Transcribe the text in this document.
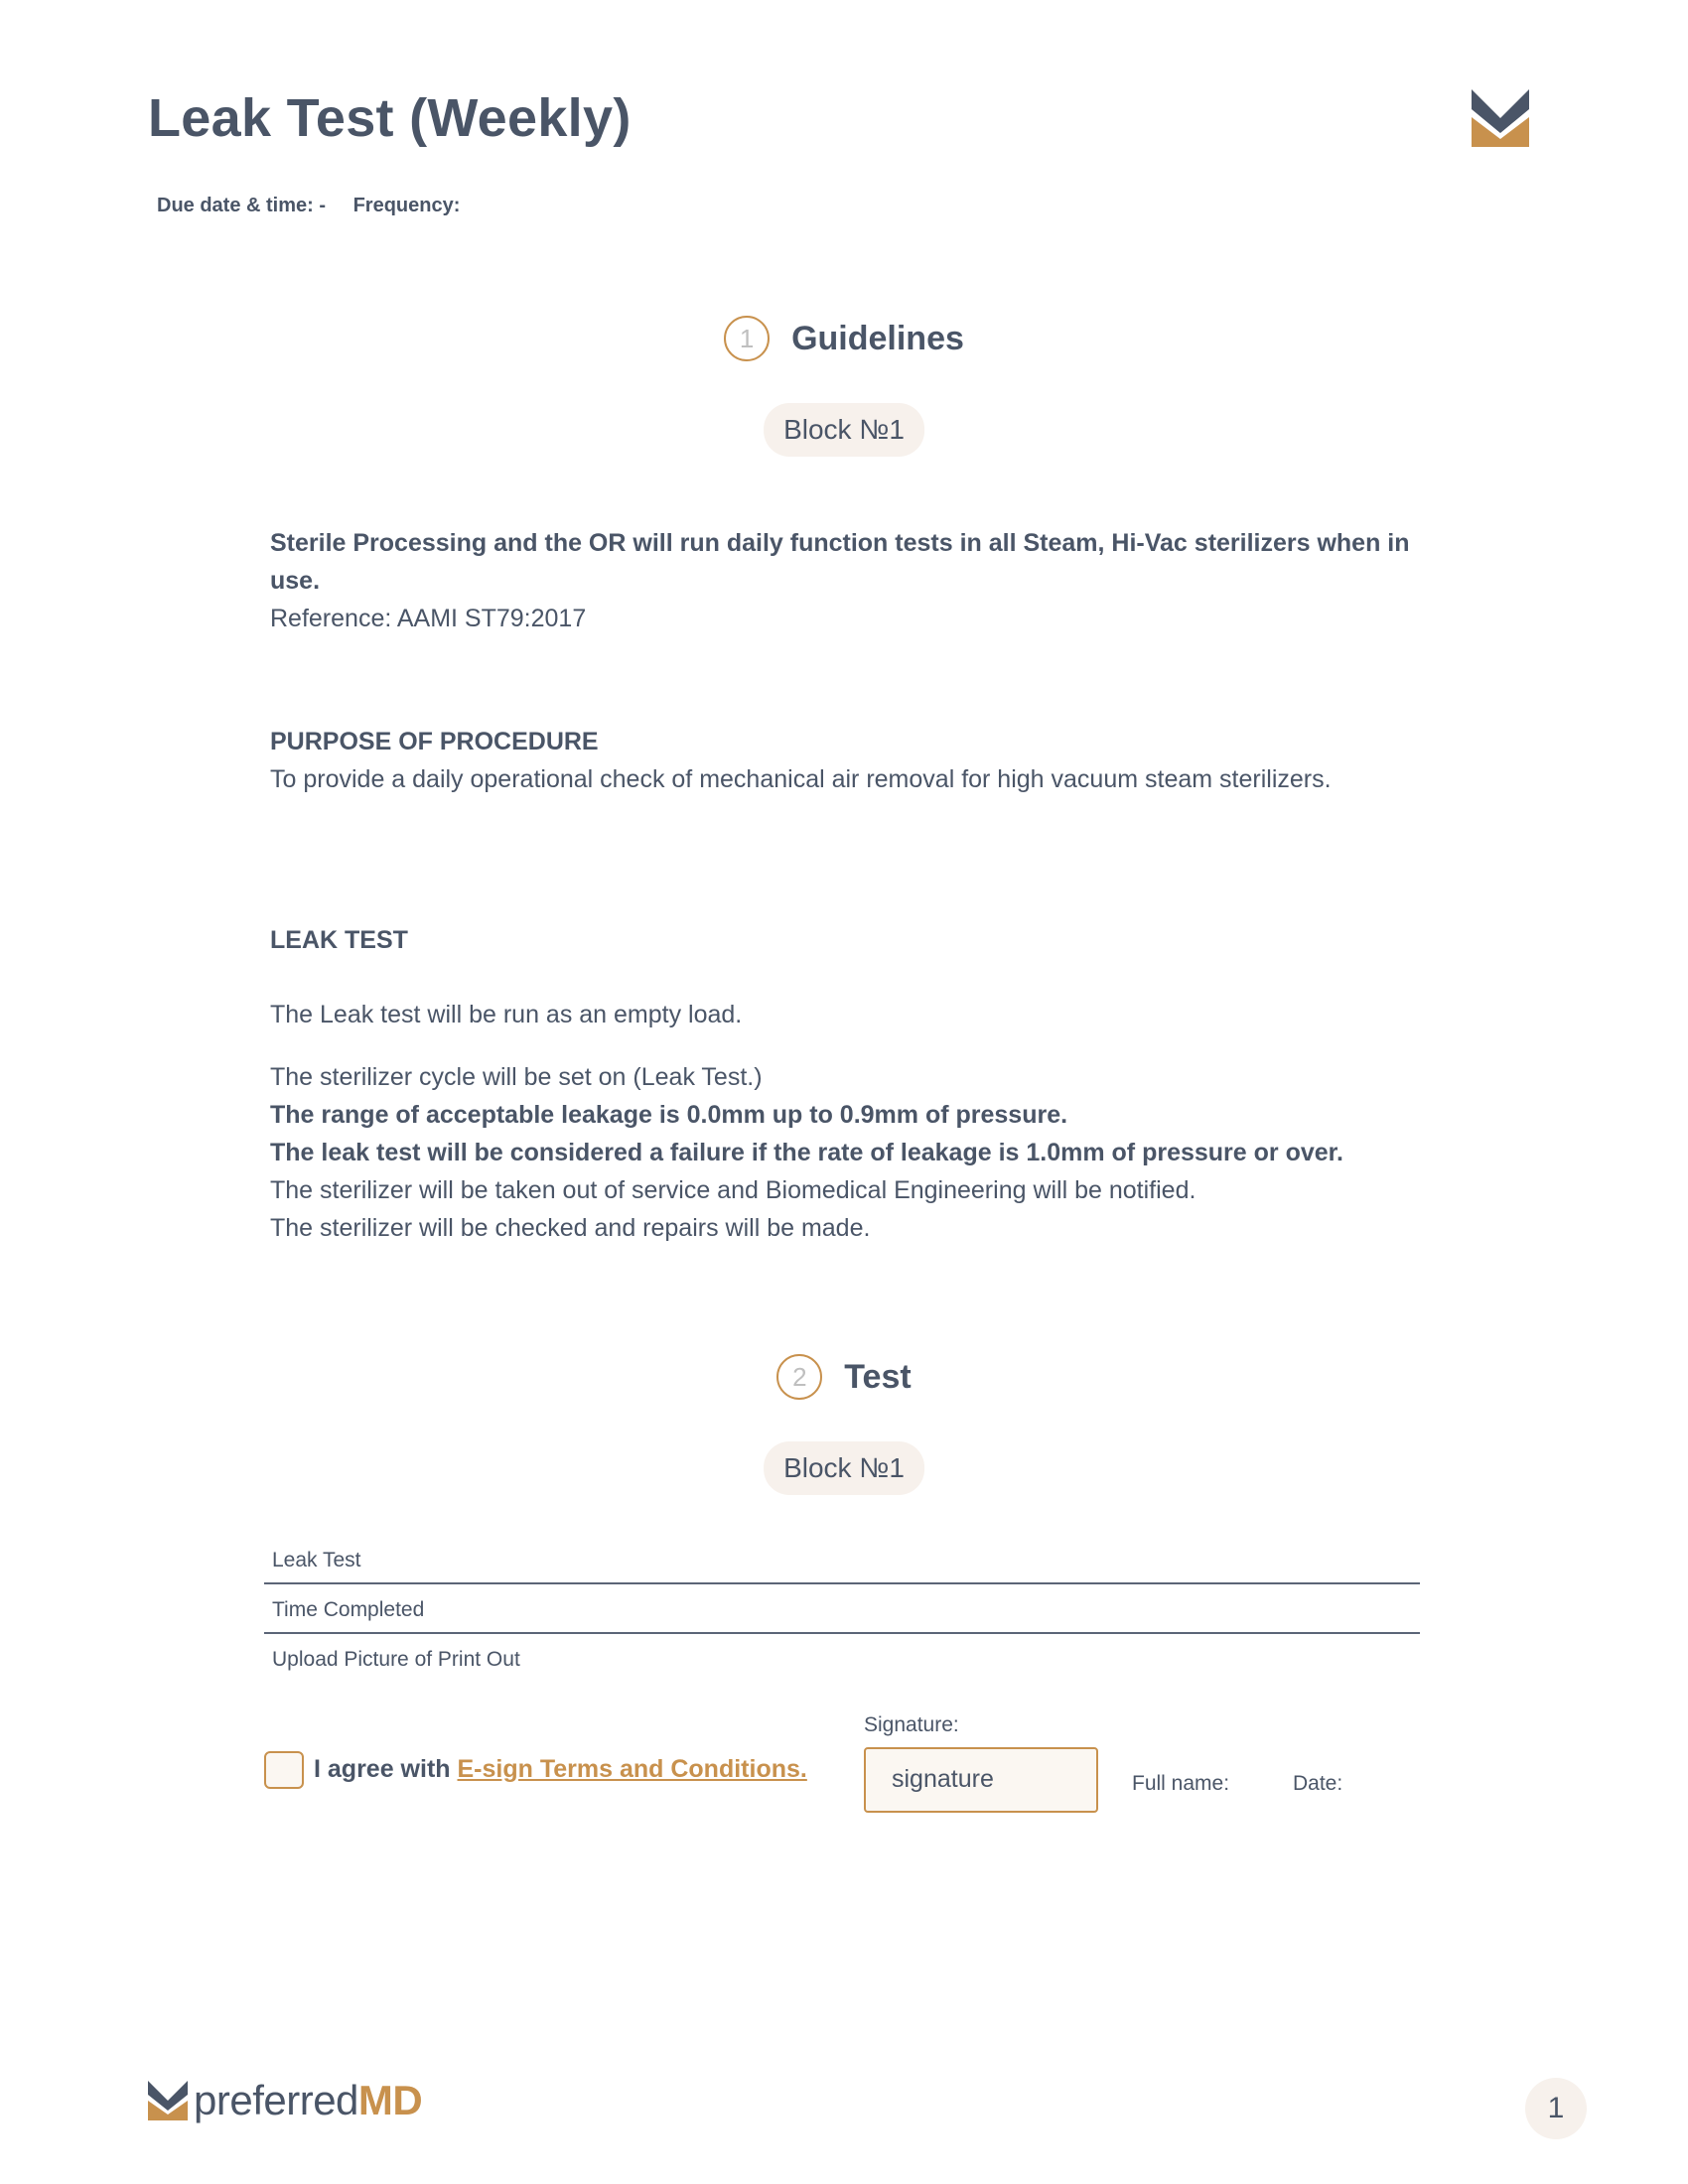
Leak Test (Weekly)
Due date & time: - Frequency:
1	Guidelines
Block №1

Sterile Processing and the OR will run daily function tests in all Steam, Hi-Vac sterilizers when in use.

Reference: AAMI ST79:2017

PURPOSE OF PROCEDURE

To provide a daily operational check of mechanical air removal for high vacuum steam sterilizers.

LEAK TEST

The Leak test will be run as an empty load.

The sterilizer cycle will be set on (Leak Test.)

The range of acceptable leakage is 0.0mm up to 0.9mm of pressure.

The leak test will be considered a failure if the rate of leakage is 1.0mm of pressure or over.

The sterilizer will be taken out of service and Biomedical Engineering will be notified.

The sterilizer will be checked and repairs will be made.

2	Test
Block №1
Leak Test
Time Completed
Upload Picture of Print Out
I agree with E-sign Terms and Conditions.
Signature:
signature	Full name:	Date:
preferredMD	1
